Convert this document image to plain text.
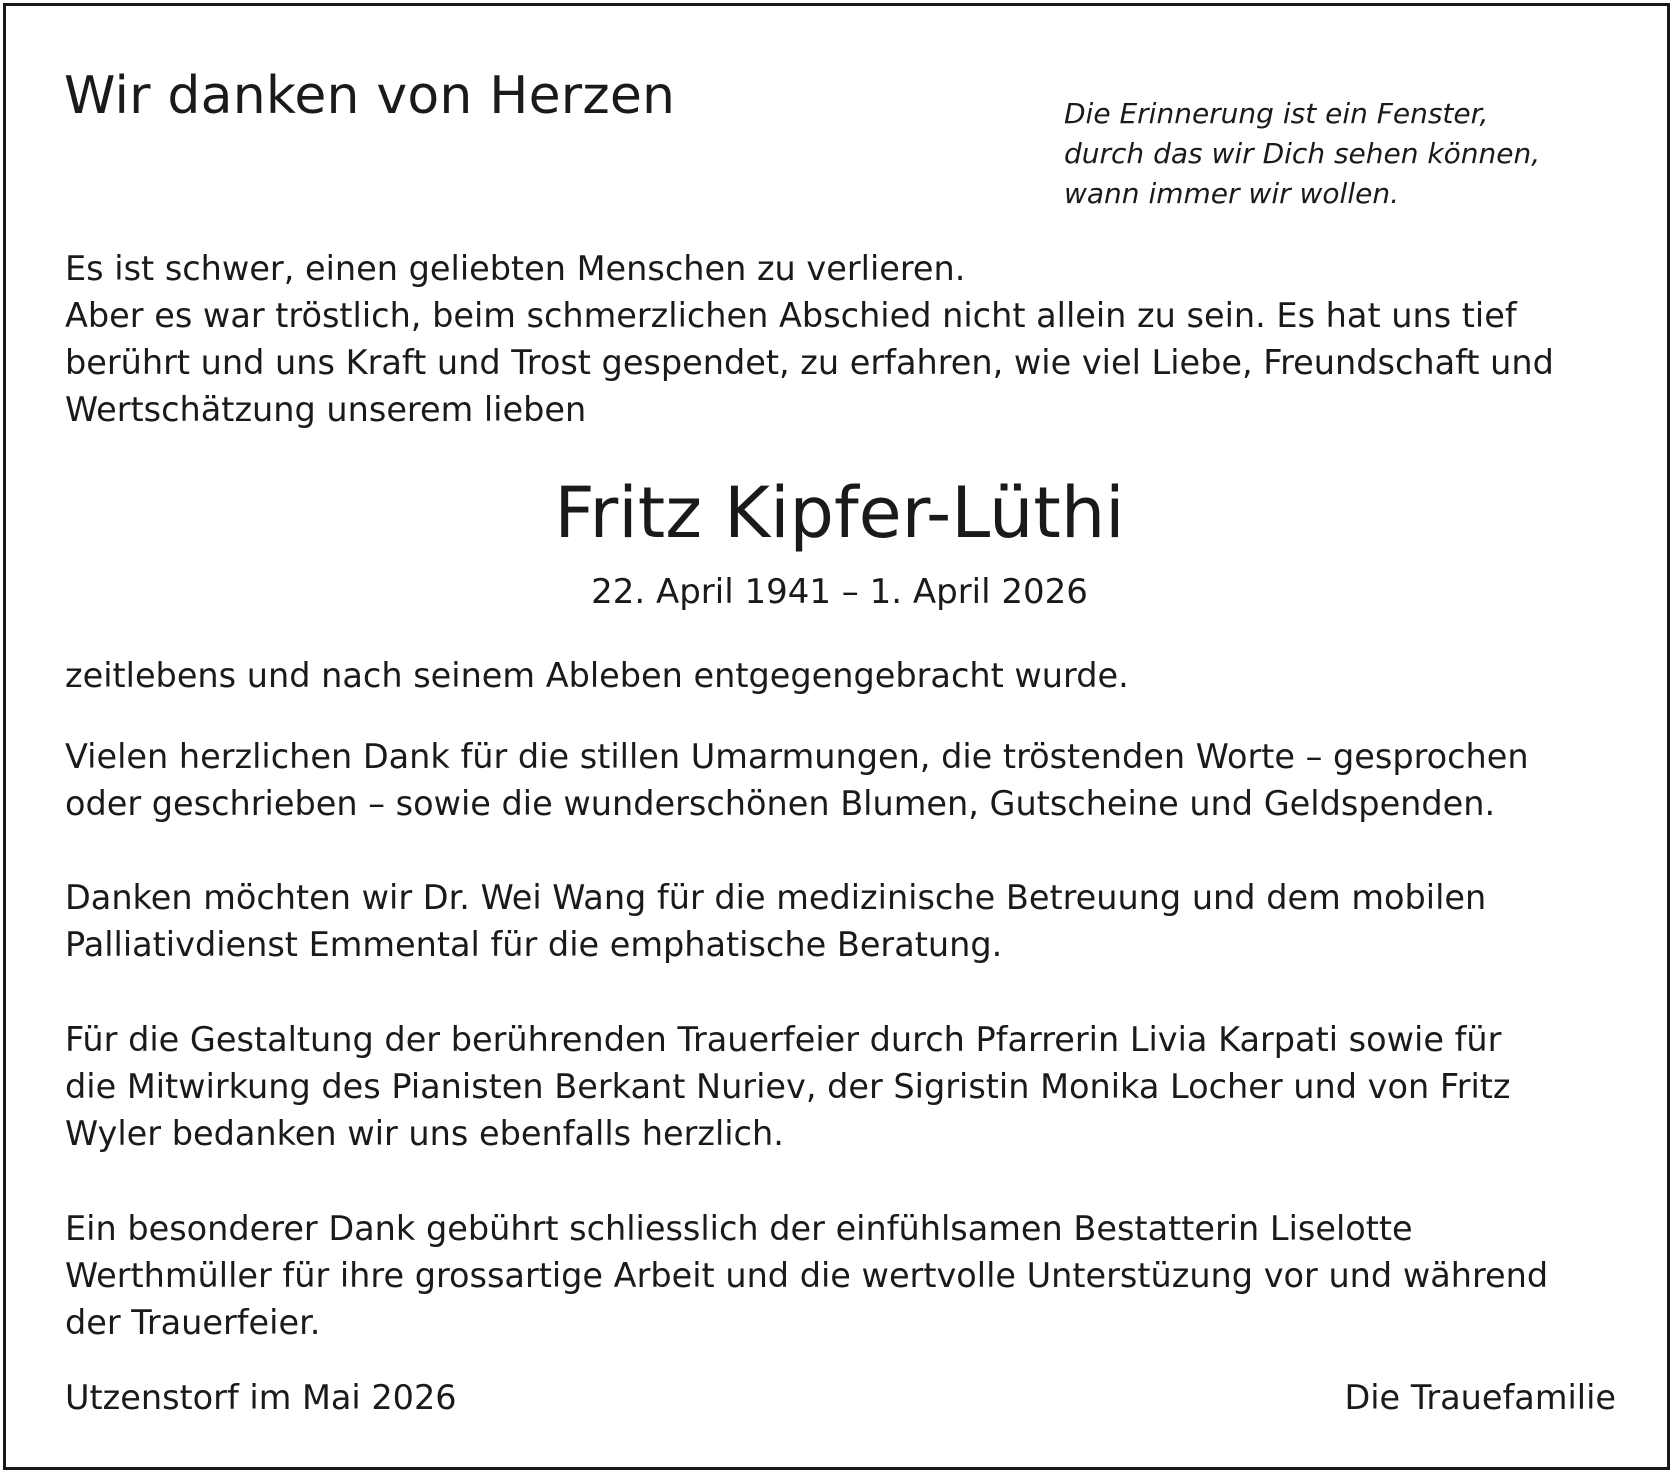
Wir danken von Herzen	Die Erinnerung ist ein Fenster,
durch das wir Dich sehen können,
wann immer wir wollen.
Es ist schwer, einen geliebten Menschen zu verlieren.
Aber es war tröstlich, beim schmerzlichen Abschied nicht allein zu sein. Es hat uns tief
berührt und uns Kraft und Trost gespendet, zu erfahren, wie viel Liebe, Freundschaft und
Wertschätzung unserem lieben
Fritz Kipfer-Lüthi
22. April 1941 – 1. April 2026
zeitlebens und nach seinem Ableben entgegengebracht wurde.
Vielen herzlichen Dank für die stillen Umarmungen, die tröstenden Worte – gesprochen
oder geschrieben – sowie die wunderschönen Blumen, Gutscheine und Geldspenden.
Danken möchten wir Dr. Wei Wang für die medizinische Betreuung und dem mobilen
Palliativdienst Emmental für die emphatische Beratung.
Für die Gestaltung der berührenden Trauerfeier durch Pfarrerin Livia Karpati sowie für
die Mitwirkung des Pianisten Berkant Nuriev, der Sigristin Monika Locher und von Fritz
Wyler bedanken wir uns ebenfalls herzlich.
Ein besonderer Dank gebührt schliesslich der einfühlsamen Bestatterin Liselotte
Werthmüller für ihre grossartige Arbeit und die wertvolle Unterstüzung vor und während
der Trauerfeier.
Utzenstorf im Mai 2026	Die Trauefamilie
